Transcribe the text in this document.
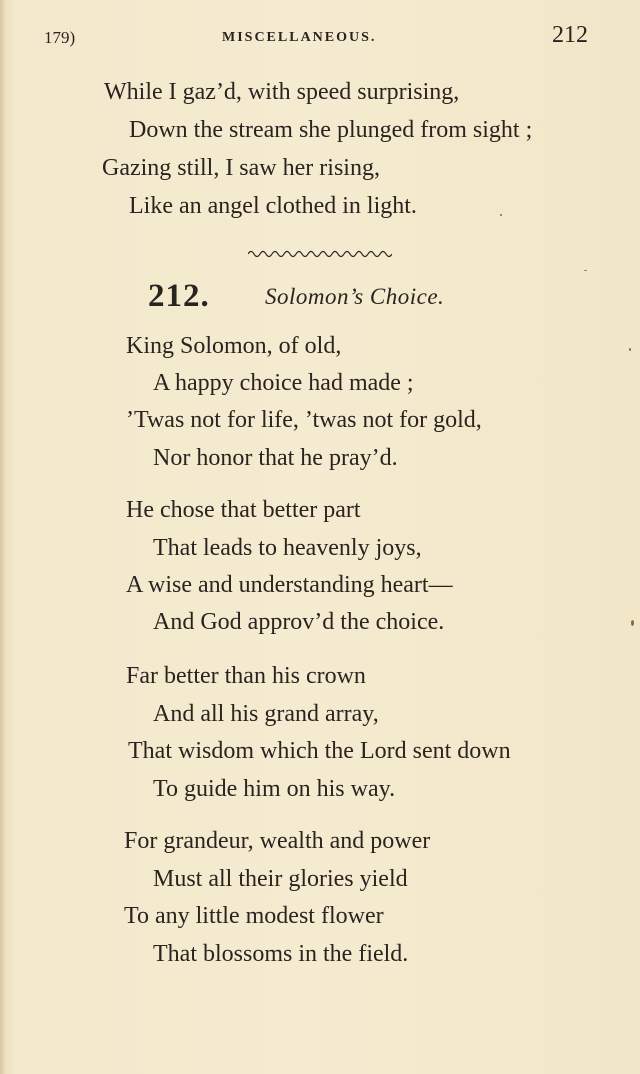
179)	MISCELLANEOUS.	212
While I gaz’d, with speed surprising,
Down the stream she plunged from sight ;
Gazing still, I saw her rising,
Like an angel clothed in light.
212. Solomon’s Choice.
King Solomon, of old,
A happy choice had made ;
’Twas not for life, ’twas not for gold,
Nor honor that he pray’d.
He chose that better part
That leads to heavenly joys,
A wise and understanding heart—
And God approv’d the choice.
Far better than his crown
And all his grand array,
That wisdom which the Lord sent down
To guide him on his way.
For grandeur, wealth and power
Must all their glories yield
To any little modest flower
That blossoms in the field.
